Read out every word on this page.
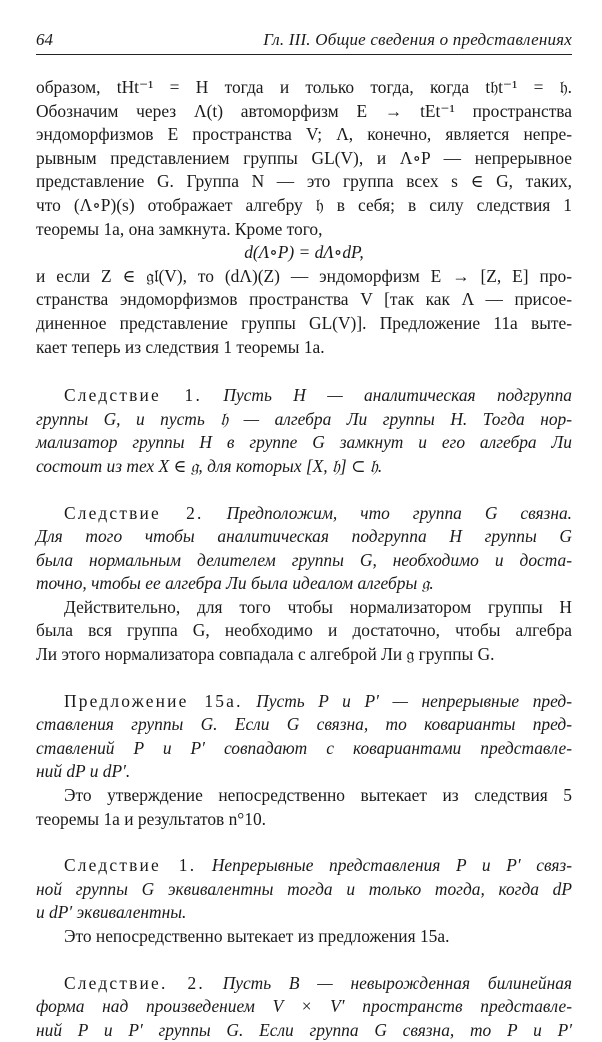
64	Гл. III. Общие сведения о представлениях

образом, tHt⁻¹ = H тогда и только тогда, когда t𝔥t⁻¹ = 𝔥.

Обозначим через Λ(t) автоморфизм E → tEt⁻¹ пространства

эндоморфизмов E пространства V; Λ, конечно, является непре-

рывным представлением группы GL(V), и Λ∘P — непрерывное

представление G. Группа N — это группа всех s ∈ G, таких,

что (Λ∘P)(s) отображает алгебру 𝔥 в себя; в силу следствия 1

теоремы 1a, она замкнута. Кроме того,

d(Λ∘P) = dΛ∘dP,

и если Z ∈ 𝔤𝔩(V), то (dΛ)(Z) — эндоморфизм E → [Z, E] про-

странства эндоморфизмов пространства V [так как Λ — присое-

диненное представление группы GL(V)]. Предложение 11a выте-

кает теперь из следствия 1 теоремы 1a.

Следствие 1. Пусть H — аналитическая подгруппа

группы G, и пусть 𝔥 — алгебра Ли группы H. Тогда нор-

мализатор группы H в группе G замкнут и его алгебра Ли

состоит из тех X ∈ 𝔤, для которых [X, 𝔥] ⊂ 𝔥.

Следствие 2. Предположим, что группа G связна.

Для того чтобы аналитическая подгруппа H группы G

была нормальным делителем группы G, необходимо и доста-

точно, чтобы ее алгебра Ли была идеалом алгебры 𝔤.

Действительно, для того чтобы нормализатором группы H

была вся группа G, необходимо и достаточно, чтобы алгебра

Ли этого нормализатора совпадала с алгеброй Ли 𝔤 группы G.

Предложение 15a. Пусть P и P′ — непрерывные пред-

ставления группы G. Если G связна, то коварианты пред-

ставлений P и P′ совпадают с ковариантами представле-

ний dP и dP′.

Это утверждение непосредственно вытекает из следствия 5

теоремы 1a и результатов n°10.

Следствие 1. Непрерывные представления P и P′ связ-

ной группы G эквивалентны тогда и только тогда, когда dP

и dP′ эквивалентны.

Это непосредственно вытекает из предложения 15a.

Следствие. 2. Пусть B — невырожденная билинейная

форма над произведением V × V′ пространств представле-

ний P и P′ группы G. Если группа G связна, то P и P′
